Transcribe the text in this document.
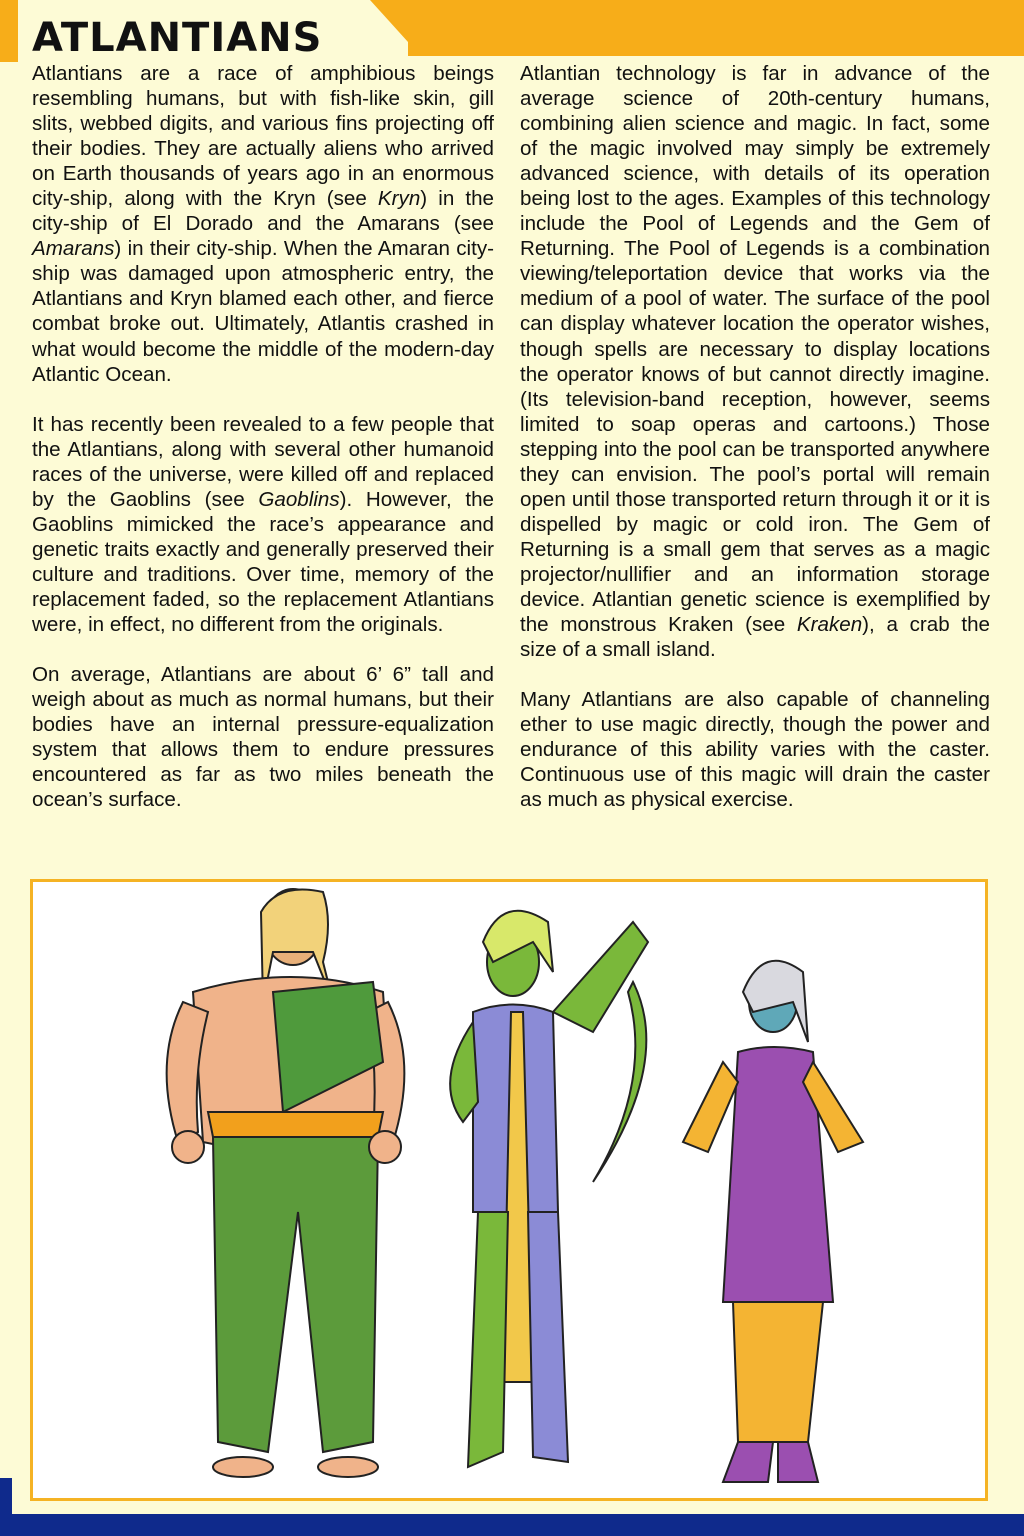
ATLANTIANS

Atlantians are a race of amphibious beings resembling humans, but with fish-like skin, gill slits, webbed digits, and various fins projecting off their bodies. They are actually aliens who arrived on Earth thousands of years ago in an enormous city-ship, along with the Kryn (see Kryn) in the city-ship of El Dorado and the Amarans (see Amarans) in their city-ship. When the Amaran city-ship was damaged upon atmospheric entry, the Atlantians and Kryn blamed each other, and fierce combat broke out. Ultimately, Atlantis crashed in what would become the middle of the modern-day Atlantic Ocean.

It has recently been revealed to a few people that the Atlantians, along with several other humanoid races of the universe, were killed off and replaced by the Gaoblins (see Gaoblins). However, the Gaoblins mimicked the race’s appearance and genetic traits exactly and generally preserved their culture and traditions. Over time, memory of the replacement faded, so the replacement Atlantians were, in effect, no different from the originals.

On average, Atlantians are about 6’ 6” tall and weigh about as much as normal humans, but their bodies have an internal pressure-equalization system that allows them to endure pressures encountered as far as two miles beneath the ocean’s surface.

Atlantian technology is far in advance of the average science of 20th-century humans, combining alien science and magic. In fact, some of the magic involved may simply be extremely advanced science, with details of its operation being lost to the ages. Examples of this technology include the Pool of Legends and the Gem of Returning. The Pool of Legends is a combination viewing/teleportation device that works via the medium of a pool of water. The surface of the pool can display whatever location the operator wishes, though spells are necessary to display locations the operator knows of but cannot directly imagine. (Its television-band reception, however, seems limited to soap operas and cartoons.) Those stepping into the pool can be transported anywhere they can envision. The pool’s portal will remain open until those transported return through it or it is dispelled by magic or cold iron. The Gem of Returning is a small gem that serves as a magic projector/nullifier and an information storage device. Atlantian genetic science is exemplified by the monstrous Kraken (see Kraken), a crab the size of a small island.

Many Atlantians are also capable of channeling ether to use magic directly, though the power and endurance of this ability varies with the caster. Continuous use of this magic will drain the caster as much as physical exercise.
